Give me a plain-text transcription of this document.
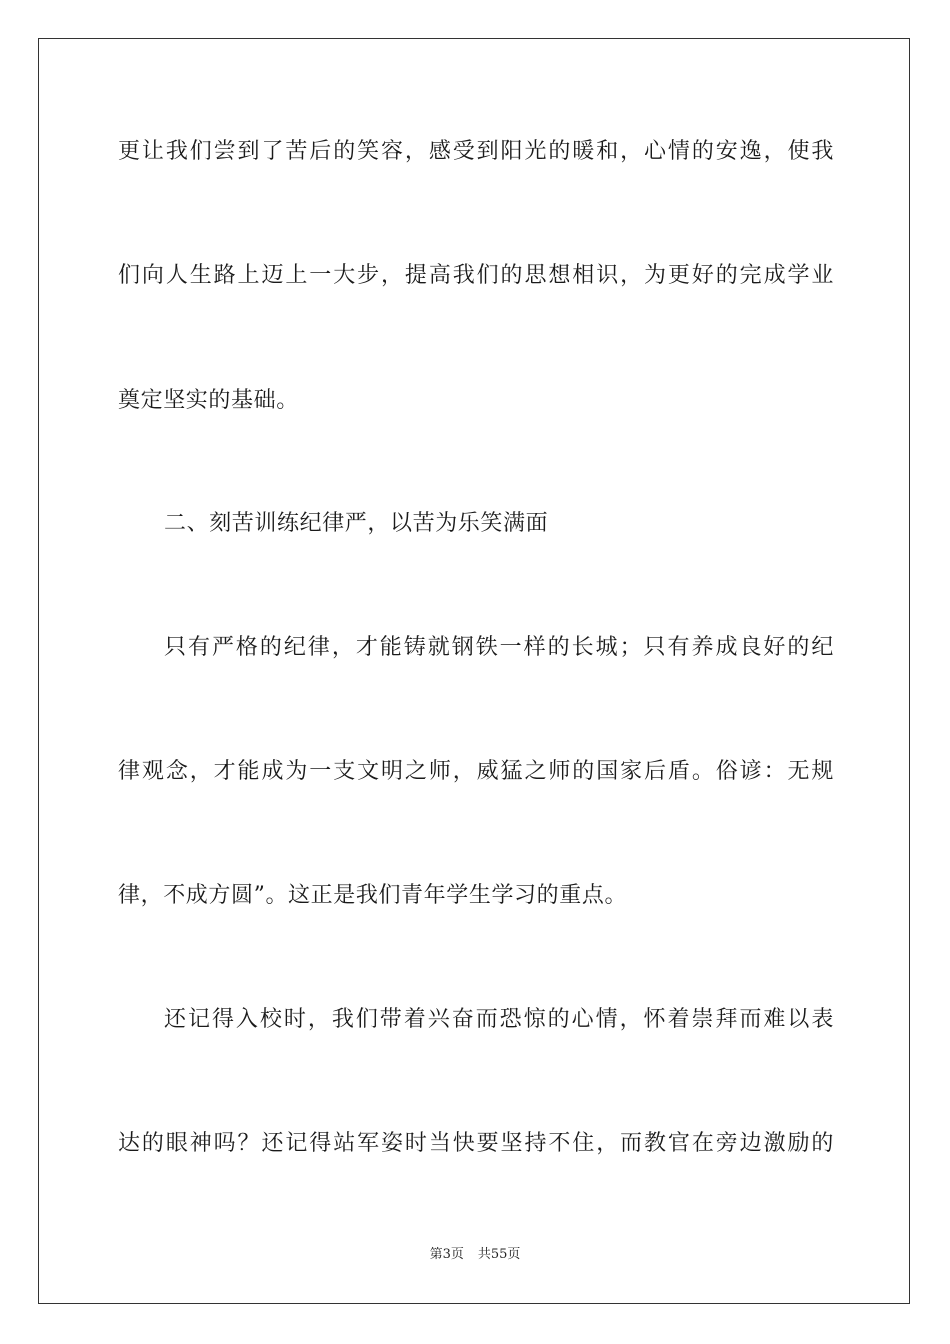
更让我们尝到了苦后的笑容，感受到阳光的暖和，心情的安逸，使我
们向人生路上迈上一大步，提高我们的思想相识，为更好的完成学业
奠定坚实的基础。
二、刻苦训练纪律严，以苦为乐笑满面
只有严格的纪律，才能铸就钢铁一样的长城；只有养成良好的纪
律观念，才能成为一支文明之师，威猛之师的国家后盾。俗谚：无规
律，不成方圆”。这正是我们青年学生学习的重点。
还记得入校时，我们带着兴奋而恐惊的心情，怀着崇拜而难以表
达的眼神吗？还记得站军姿时当快要坚持不住，而教官在旁边激励的
第3页 共55页
